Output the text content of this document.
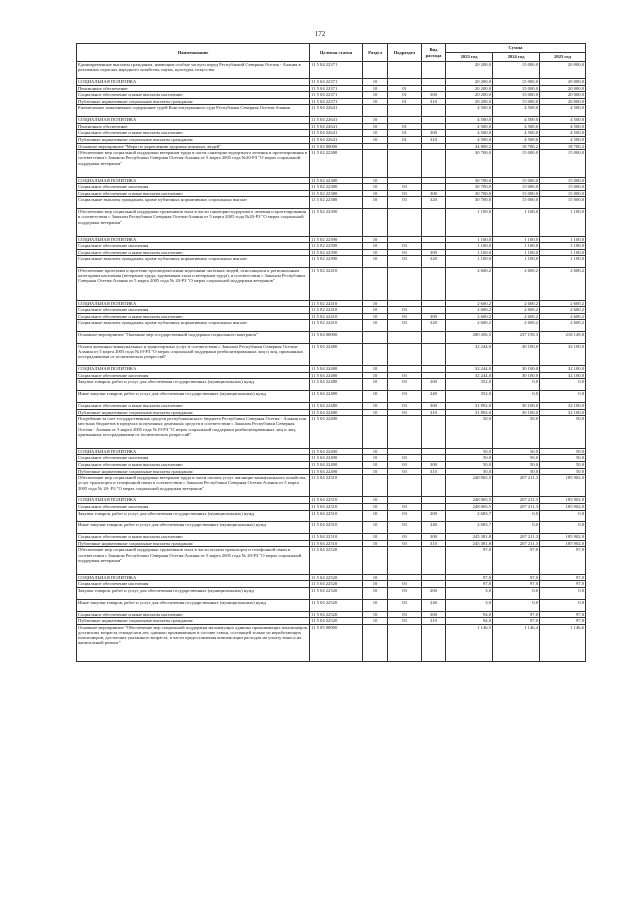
172
Наименование	Целевая статья	Раздел	Подраздел	Вид расхода	Сумма		
					2023 год	2024 год	2025 год
Единовременные выплаты гражданам, имеющим особые заслуги перед Республикой Северная Осетия - Алания в различных отраслях народного хозяйства, науки, культуры, искусства	11 5 04 22371				20 200,0	15 000,0	20 000,0
СОЦИАЛЬНАЯ ПОЛИТИКА	11 5 04 22371	10			20 200,0	15 000,0	20 000,0
Пенсионное обеспечение	11 5 04 22371	10	01		20 200,0	15 000,0	20 000,0
Социальное обеспечение и иные выплаты населению	11 5 04 22371	10	01	300	20 200,0	15 000,0	20 000,0
Публичные нормативные социальные выплаты гражданам	11 5 04 22371	10	01	310	20 200,0	15 000,0	20 000,0
Ежемесячное пожизненное содержание судей Конституционного суда Республики Северная Осетия-Алания	11 5 04 22641				4 500,0	4 500,0	4 500,0
СОЦИАЛЬНАЯ ПОЛИТИКА	11 5 04 22641	10			4 500,0	4 500,0	4 500,0
Пенсионное обеспечение	11 5 04 22641	10	01		4 500,0	4 500,0	4 500,0
Социальное обеспечение и иные выплаты населению	11 5 04 22641	10	01	300	4 500,0	4 500,0	4 500,0
Публичные нормативные социальные выплаты гражданам	11 5 04 22641	10	01	310	4 500,0	4 500,0	4 500,0
Основное мероприятие "Мера по укреплению здоровья пожилых людей"	11 5 02 00000				34 800,2	18 700,2	18 700,2
Обеспечение мер социальной поддержки ветеранов труда в части санаторно-курортного лечения и протезирования в соответствии с Законом Республики Северная Осетия-Алания от 5 марта 2005 года №20-РЗ "О мерах социальной поддержки ветеранов"	11 5 02 22380				30 700,0	15 000,0	15 000,0
СОЦИАЛЬНАЯ ПОЛИТИКА	11 5 02 22380	10			30 700,0	15 000,0	15 000,0
Социальное обеспечение населения	11 5 02 22380	10	03		30 700,0	15 000,0	15 000,0
Социальное обеспечение и иные выплаты населению	11 5 02 22380	10	03	300	30 700,0	15 000,0	15 000,0
Социальные выплаты гражданам, кроме публичных нормативных социальных выплат	11 5 02 22380	10	03	320	30 700,0	15 000,0	15 000,0
Обеспечение мер социальной поддержки тружеников тыла в части санаторно-курортного лечения и протезирования в соответствии с Законом Республики Северная Осетия-Алания от 5 марта 2005 года №20-РЗ "О мерах социальной поддержки ветеранов"	11 5 02 22390				1 100,0	1 100,0	1 100,0
СОЦИАЛЬНАЯ ПОЛИТИКА	11 5 02 22390	10			1 100,0	1 100,0	1 100,0
Социальное обеспечение населения	11 5 02 22390	10	03		1 100,0	1 100,0	1 100,0
Социальное обеспечение и иные выплаты населению	11 5 02 22390	10	03	300	1 100,0	1 100,0	1 100,0
Социальные выплаты гражданам, кроме публичных нормативных социальных выплат	11 5 02 22390	10	03	320	1 100,0	1 100,0	1 100,0
Обеспечение протезами и протезно-ортопедическими изделиями льготных людей, относящихся к региональным категориям населения (ветеранов труда, тружеников тыла и ветеранов труда), в соответствии с Законом Республики Северная Осетия-Алания от 5 марта 2005 года № 20-РЗ "О мерах социальной поддержки ветеранов"	11 5 02 22410				2 600,2	2 600,2	2 600,2
СОЦИАЛЬНАЯ ПОЛИТИКА	11 5 02 22410	10			2 600,2	2 600,2	2 600,2
Социальное обеспечение населения	11 5 02 22410	10	03		2 600,2	2 600,2	2 600,2
Социальное обеспечение и иные выплаты населению	11 5 02 22410	10	03	300	2 600,2	2 600,2	2 600,2
Социальные выплаты гражданам, кроме публичных нормативных социальных выплат	11 5 02 22410	10	03	320	2 600,2	2 600,2	2 600,2
Основное мероприятие "Оказание мер государственной поддержки социального контракта"	11 5 04 00000				280 456,5	237 158,3	218 149,0
Оплата жилищно-коммунальных и транспортных услуг в соответствии с Законом Республики Северная Осетия-Алания от 5 марта 2005 года №19-РЗ "О мерах социальной поддержки реабилитированных лиц и лиц, признанных пострадавшими от политических репрессий"	11 5 04 22480				32 244,0	30 100,0	32 100,0
СОЦИАЛЬНАЯ ПОЛИТИКА	11 5 04 22480	10			32 244,0	30 100,0	32 100,0
Социальное обеспечение населения	11 5 04 22480	10	03		32 244,0	30 100,0	32 100,0
Закупка товаров, работ и услуг для обеспечения государственных (муниципальных) нужд	11 5 04 22480	10	03	200	352,0	0,0	0,0
Иные закупки товаров, работ и услуг для обеспечения государственных (муниципальных) нужд	11 5 04 22480	10	03	240	352,0	0,0	0,0
Социальное обеспечение и иные выплаты населению	11 5 04 22480	10	03	300	31 892,0	30 100,0	32 100,0
Публичные нормативные социальные выплаты гражданам	11 5 04 22480	10	03	310	31 892,0	30 100,0	32 100,0
Погребение за счет государственных средств республиканского бюджета Республики Северная Осетия - Алания или местных бюджетов в пределах полученных денежных средств в соответствии с Законом Республики Северная Осетия - Алания от 5 марта 2005 года №19-РЗ "О мерах социальной поддержки реабилитированных лиц и лиц, признанных пострадавшими от политических репрессий"	11 5 04 22490				50,0	50,0	50,0
СОЦИАЛЬНАЯ ПОЛИТИКА	11 5 04 22490	10			50,0	50,0	50,0
Социальное обеспечение населения	11 5 04 22490	10	03		50,0	50,0	50,0
Социальное обеспечение и иные выплаты населению	11 5 04 22490	10	03	300	50,0	50,0	50,0
Публичные нормативные социальные выплаты гражданам	11 5 04 22490	10	03	310	50,0	50,0	50,0
Обеспечение мер социальной поддержки ветеранов труда в части оплаты услуг жилищно-коммунального хозяйства, услуг транспорта и телефонной связи в соответствии с Законом Республики Северная Осетия-Алания от 5 марта 2005 года № 20- РЗ "О мерах социальной поддержки ветеранов"	11 5 04 22510				248 065,5	207 211,3	185 902,0
СОЦИАЛЬНАЯ ПОЛИТИКА	11 5 04 22510	10			248 065,5	207 211,3	185 902,0
Социальное обеспечение населения	11 5 04 22510	10	03		248 065,5	207 211,3	185 902,0
Закупка товаров, работ и услуг для обеспечения государственных (муниципальных) нужд	11 5 04 22510	10	03	200	2 683,7	0,0	0,0
Иные закупки товаров, работ и услуг для обеспечения государственных (муниципальных) нужд	11 5 04 22510	10	03	240	2 683,7	0,0	0,0
Социальное обеспечение и иные выплаты населению	11 5 04 22510	10	03	300	245 381,8	207 211,3	185 902,0
Публичные нормативные социальные выплаты гражданам	11 5 04 22510	10	03	310	245 381,8	207 211,3	185 902,0
Обеспечение мер социальной поддержки тружеников тыла в части оплаты транспорта и телефонной связи в соответствии с Законом Республики Северная Осетия-Алания от 5 марта 2005 года № 20-РЗ "О мерах социальной поддержки ветеранов"	11 5 04 22520				97,0	97,0	97,0
СОЦИАЛЬНАЯ ПОЛИТИКА	11 5 04 22520	10			97,0	97,0	97,0
Социальное обеспечение населения	11 5 04 22520	10	03		97,0	97,0	97,0
Закупка товаров, работ и услуг для обеспечения государственных (муниципальных) нужд	11 5 04 22520	10	03	200	3,0	0,0	0,0
Иные закупки товаров, работ и услуг для обеспечения государственных (муниципальных) нужд	11 5 04 22520	10	03	240	3,0	0,0	0,0
Социальное обеспечение и иные выплаты населению	11 5 04 22520	10	03	300	94,0	97,0	97,0
Публичные нормативные социальные выплаты гражданам	11 5 04 22520	10	03	310	94,0	97,0	97,0
Основное мероприятие "Обеспечение мер социальной поддержки малоимущих одиноко проживающих пенсионеров, достигших возраста семидесяти лет, одиноко проживающих в составе семьи, состоящей только из неработающих пенсионеров, достигших указанного возраста, в части предоставления компенсации расходов на уплату взноса на капитальный ремонт"	11 5 05 00000				1 146,5	1 146,4	1 146,6
